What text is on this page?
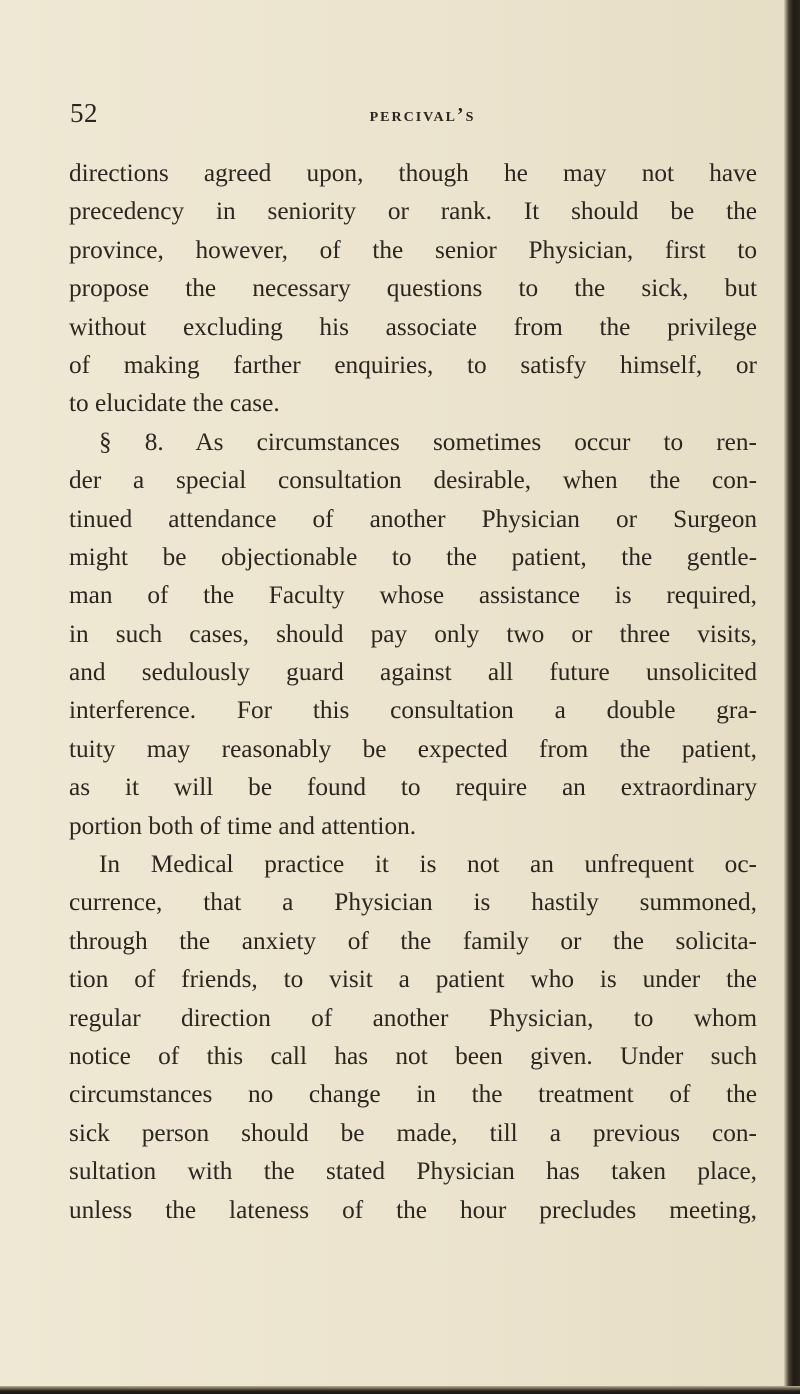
52	percival’s
directions agreed upon, though he may not have
precedency in seniority or rank. It should be the
province, however, of the senior Physician, first to
propose the necessary questions to the sick, but
without excluding his associate from the privilege
of making farther enquiries, to satisfy himself, or
to elucidate the case.
§ 8. As circumstances sometimes occur to ren-
der a special consultation desirable, when the con-
tinued attendance of another Physician or Surgeon
might be objectionable to the patient, the gentle-
man of the Faculty whose assistance is required,
in such cases, should pay only two or three visits,
and sedulously guard against all future unsolicited
interference. For this consultation a double gra-
tuity may reasonably be expected from the patient,
as it will be found to require an extraordinary
portion both of time and attention.
In Medical practice it is not an unfrequent oc-
currence, that a Physician is hastily summoned,
through the anxiety of the family or the solicita-
tion of friends, to visit a patient who is under the
regular direction of another Physician, to whom
notice of this call has not been given. Under such
circumstances no change in the treatment of the
sick person should be made, till a previous con-
sultation with the stated Physician has taken place,
unless the lateness of the hour precludes meeting,
